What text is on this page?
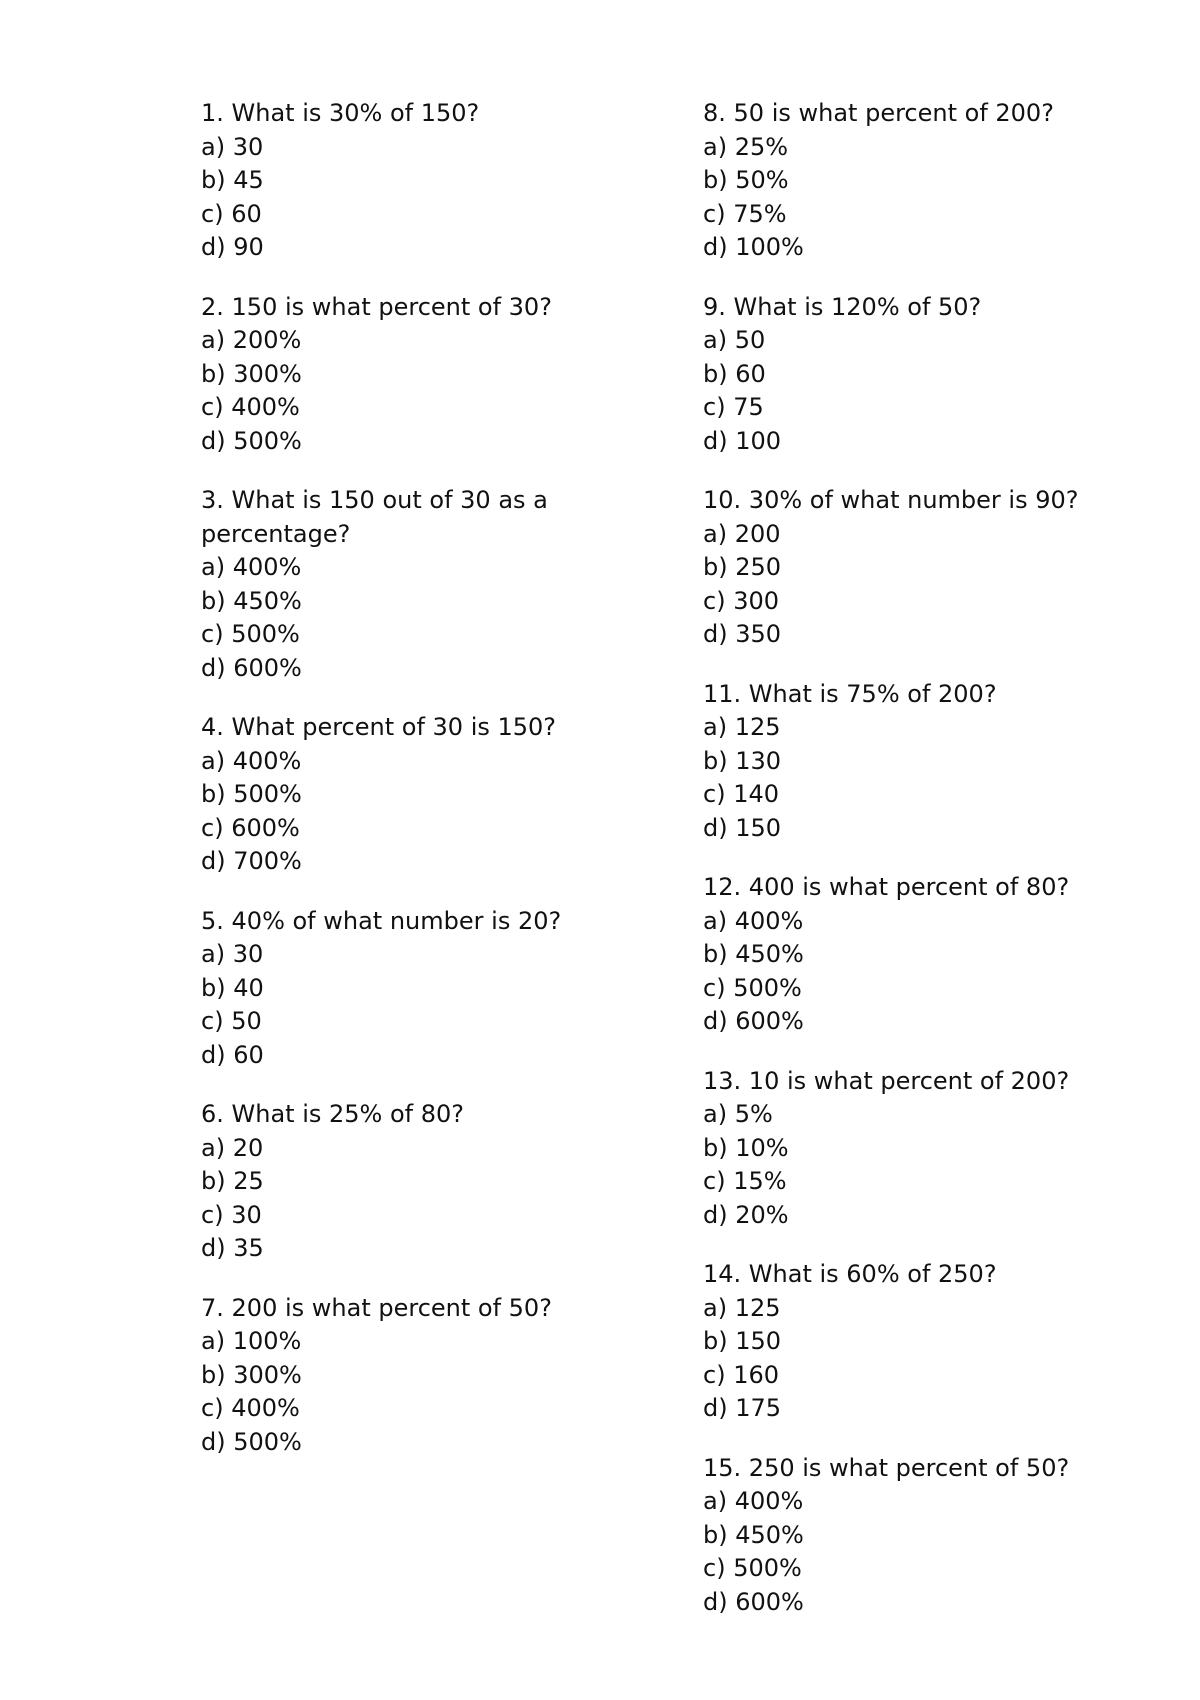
1. What is 30% of 150?
a) 30
b) 45
c) 60
d) 90
2. 150 is what percent of 30?
a) 200%
b) 300%
c) 400%
d) 500%
3. What is 150 out of 30 as a percentage?
a) 400%
b) 450%
c) 500%
d) 600%
4. What percent of 30 is 150?
a) 400%
b) 500%
c) 600%
d) 700%
5. 40% of what number is 20?
a) 30
b) 40
c) 50
d) 60
6. What is 25% of 80?
a) 20
b) 25
c) 30
d) 35
7. 200 is what percent of 50?
a) 100%
b) 300%
c) 400%
d) 500%
8. 50 is what percent of 200?
a) 25%
b) 50%
c) 75%
d) 100%
9. What is 120% of 50?
a) 50
b) 60
c) 75
d) 100
10. 30% of what number is 90?
a) 200
b) 250
c) 300
d) 350
11. What is 75% of 200?
a) 125
b) 130
c) 140
d) 150
12. 400 is what percent of 80?
a) 400%
b) 450%
c) 500%
d) 600%
13. 10 is what percent of 200?
a) 5%
b) 10%
c) 15%
d) 20%
14. What is 60% of 250?
a) 125
b) 150
c) 160
d) 175
15. 250 is what percent of 50?
a) 400%
b) 450%
c) 500%
d) 600%
